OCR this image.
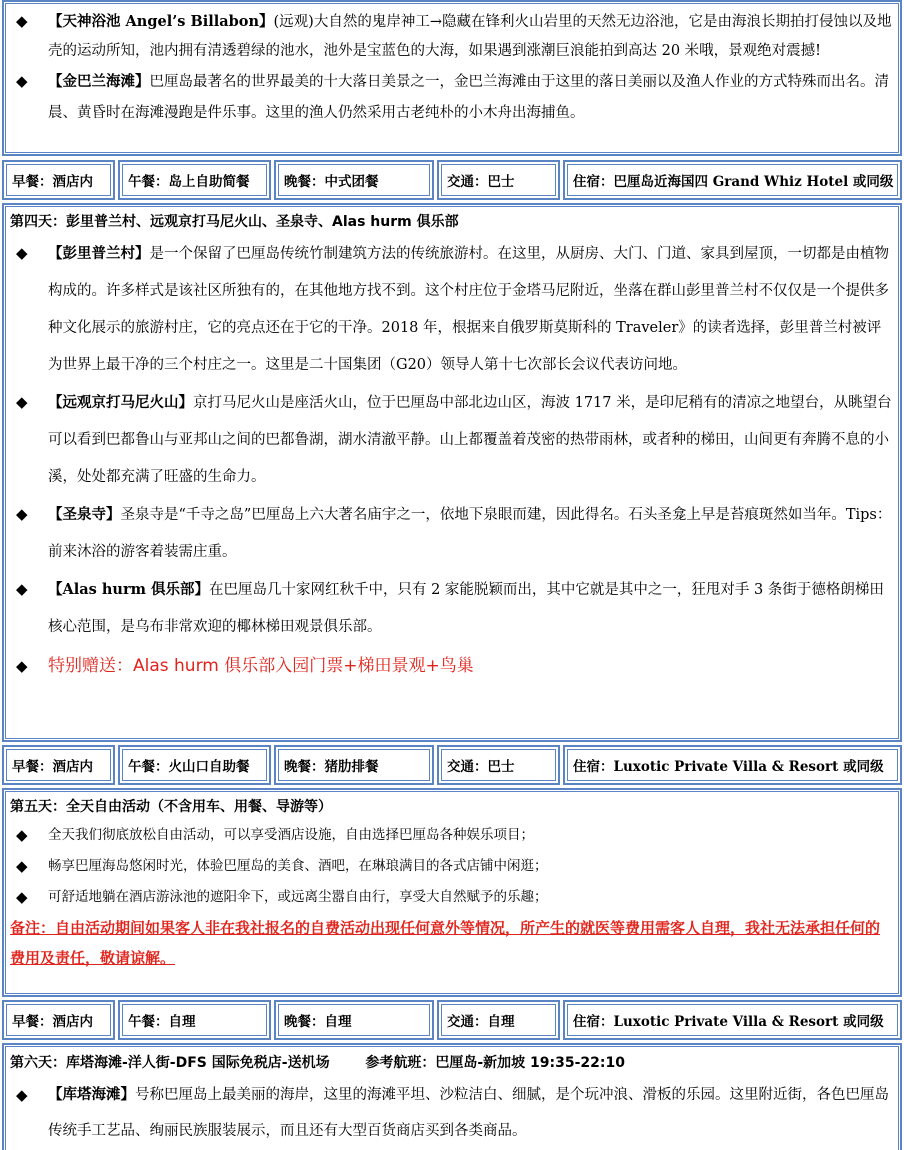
◆ 【天神浴池 Angel’s Billabon】(远观)大自然的鬼岸神工→隐藏在锋利火山岩里的天然无边浴池，它是由海浪长期拍打侵蚀以及地壳的运动所知，池内拥有清透碧绿的池水，池外是宝蓝色的大海，如果遇到涨潮巨浪能拍到高达 20 米哦，景观绝对震撼!
◆ 【金巴兰海滩】巴厘岛最著名的世界最美的十大落日美景之一，金巴兰海滩由于这里的落日美丽以及渔人作业的方式特殊而出名。清晨、黄昏时在海滩漫跑是件乐事。这里的渔人仍然采用古老纯朴的小木舟出海捕鱼。
早餐：酒店内	午餐：岛上自助简餐	晚餐：中式团餐	交通：巴士	住宿：巴厘岛近海国四 Grand Whiz Hotel 或同级
第四天：彭里普兰村、远观京打马尼火山、圣泉寺、Alas hurm 俱乐部
◆ 【彭里普兰村】是一个保留了巴厘岛传统竹制建筑方法的传统旅游村。在这里，从厨房、大门、门道、家具到屋顶，一切都是由植物构成的。许多样式是该社区所独有的，在其他地方找不到。这个村庄位于金塔马尼附近，坐落在群山彭里普兰村不仅仅是一个提供多种文化展示的旅游村庄，它的亮点还在于它的干净。2018 年，根据来自俄罗斯莫斯科的 Traveler》的读者选择，彭里普兰村被评为世界上最干净的三个村庄之一。这里是二十国集团（G20）领导人第十七次部长会议代表访问地。
◆ 【远观京打马尼火山】京打马尼火山是座活火山，位于巴厘岛中部北边山区，海波 1717 米，是印尼稍有的清凉之地望台，从眺望台可以看到巴都鲁山与亚邦山之间的巴都鲁湖，湖水清澈平静。山上都覆盖着茂密的热带雨林，或者种的梯田，山间更有奔腾不息的小溪，处处都充满了旺盛的生命力。
◆ 【圣泉寺】圣泉寺是“千寺之岛”巴厘岛上六大著名庙宇之一，依地下泉眼而建，因此得名。石头圣龛上早是苔痕斑然如当年。Tips：前来沐浴的游客着装需庄重。
◆ 【Alas hurm 俱乐部】在巴厘岛几十家网红秋千中，只有 2 家能脱颖而出，其中它就是其中之一，狂甩对手 3 条街于德格朗梯田核心范围，是乌布非常欢迎的椰林梯田观景俱乐部。
◆ 特别赠送：Alas hurm 俱乐部入园门票+梯田景观+鸟巢
早餐：酒店内	午餐：火山口自助餐	晚餐：猪肋排餐	交通：巴士	住宿：Luxotic Private Villa & Resort 或同级
第五天：全天自由活动（不含用车、用餐、导游等）
◆ 全天我们彻底放松自由活动，可以享受酒店设施，自由选择巴厘岛各种娱乐项目；
◆ 畅享巴厘海岛悠闲时光，体验巴厘岛的美食、酒吧，在琳琅满目的各式店铺中闲逛；
◆ 可舒适地躺在酒店游泳池的遮阳伞下，或远离尘嚣自由行，享受大自然赋予的乐趣；
备注：自由活动期间如果客人非在我社报名的自费活动出现任何意外等情况，所产生的就医等费用需客人自理，我社无法承担任何的费用及责任，敬请谅解。
早餐：酒店内	午餐：自理	晚餐：自理	交通：自理	住宿：Luxotic Private Villa & Resort 或同级
第六天：库塔海滩-洋人街-DFS 国际免税店-送机场	参考航班：巴厘岛-新加坡 19:35-22:10
◆ 【库塔海滩】号称巴厘岛上最美丽的海岸，这里的海滩平坦、沙粒洁白、细腻，是个玩冲浪、滑板的乐园。这里附近街，各色巴厘岛传统手工艺品、绚丽民族服装展示，而且还有大型百货商店买到各类商品。
